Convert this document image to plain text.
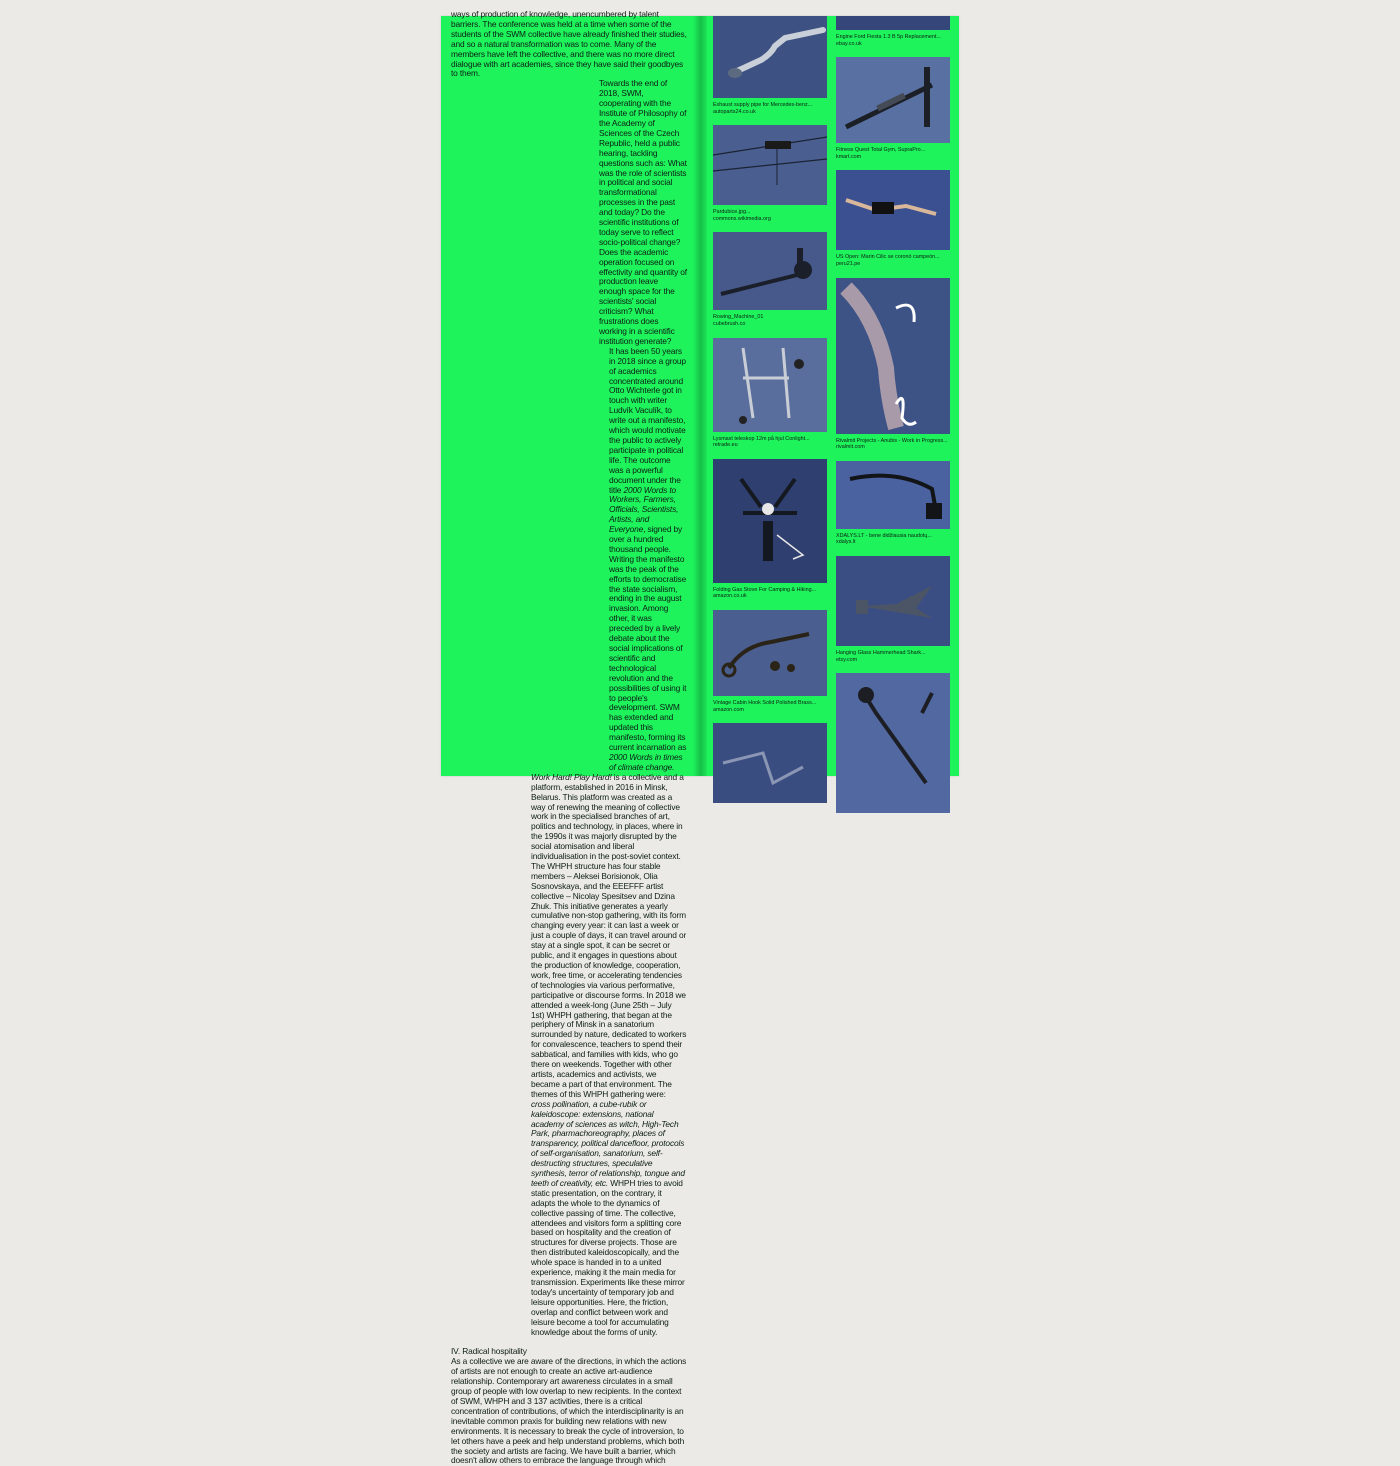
ways of production of knowledge, unencumbered by talent barriers. The conference was held at a time when some of the students of the SWM collective have already finished their studies, and so a natural transformation was to come. Many of the members have left the collective, and there was no more direct dialogue with art academies, since they have said their goodbyes to them.

Towards the end of 2018, SWM, cooperating with the Institute of Philosophy of the Academy of Sciences of the Czech Republic, held a public hearing, tackling questions such as: What was the role of scientists in political and social transformational processes in the past and today? Do the scientific institutions of today serve to reflect socio-political change? Does the academic operation focused on effectivity and quantity of production leave enough space for the scientists' social criticism? What frustrations does working in a scientific institution generate?

It has been 50 years in 2018 since a group of academics concentrated around Otto Wichterle got in touch with writer Ludvík Vaculík, to write out a manifesto, which would motivate the public to actively participate in political life. The outcome was a powerful document under the title 2000 Words to Workers, Farmers, Officials, Scientists, Artists, and Everyone, signed by over a hundred thousand people. Writing the manifesto was the peak of the efforts to democratise the state socialism, ending in the august invasion. Among other, it was preceded by a lively debate about the social implications of scientific and technological revolution and the possibilities of using it to people's development. SWM has extended and updated this manifesto, forming its current incarnation as 2000 Words in times of climate change.

Work Hard! Play Hard! is a collective and a platform, established in 2016 in Minsk, Belarus. This platform was created as a way of renewing the meaning of collective work in the specialised branches of art, politics and technology, in places, where in the 1990s it was majorly disrupted by the social atomisation and liberal individualisation in the post-soviet context. The WHPH structure has four stable members – Aleksei Borisionok, Olia Sosnovskaya, and the EEEFFF artist collective – Nicolay Spesitsev and Dzina Zhuk. This initiative generates a yearly cumulative non-stop gathering, with its form changing every year: it can last a week or just a couple of days, it can travel around or stay at a single spot, it can be secret or public, and it engages in questions about the production of knowledge, cooperation, work, free time, or accelerating tendencies of technologies via various performative, participative or discourse forms. In 2018 we attended a week-long (June 25th – July 1st) WHPH gathering, that began at the periphery of Minsk in a sanatorium surrounded by nature, dedicated to workers for convalescence, teachers to spend their sabbatical, and families with kids, who go there on weekends. Together with other artists, academics and activists, we became a part of that environment. The themes of this WHPH gathering were: cross pollination, a cube-rubik or kaleidoscope: extensions, national academy of sciences as witch, High-Tech Park, pharmachoreography, places of transparency, political dancefloor, protocols of self-organisation, sanatorium, self-destructing structures, speculative synthesis, terror of relationship, tongue and teeth of creativity, etc. WHPH tries to avoid static presentation, on the contrary, it adapts the whole to the dynamics of collective passing of time. The collective, attendees and visitors form a splitting core based on hospitality and the creation of structures for diverse projects. Those are then distributed kaleidoscopically, and the whole space is handed in to a united experience, making it the main media for transmission. Experiments like these mirror today's uncertainty of temporary job and leisure opportunities. Here, the friction, overlap and conflict between work and leisure become a tool for accumulating knowledge about the forms of unity.

IV. Radical hospitality

As a collective we are aware of the directions, in which the actions of artists are not enough to create an active art-audience relationship. Contemporary art awareness circulates in a small group of people with low overlap to new recipients. In the context of SWM, WHPH and 3 137 activities, there is a critical concentration of contributions, of which the interdisciplinarity is an inevitable common praxis for building new relations with new environments. It is necessary to break the cycle of introversion, to let others have a peek and help understand problems, which both the society and artists are facing. We have built a barrier, which doesn't allow others to embrace the language through which

Exhaust supply pipe for Mercedes-benz...
autoparts24.co.uk
Pardubice.jpg...
commons.wikimedia.org
Rowing_Machine_01
cubebrush.co
Lysmast teleskop 12m på hjul Conlight...
retrade.eu
Folding Gas Stove For Camping & Hiking...
amazon.co.uk
Vintage Cabin Hook Solid Polished Brass...
amazon.com
Engine Ford Fiesta 1.3 B 5p Replacement...
ebay.co.uk
Fitness Quest Total Gym, SupraPro...
kmart.com
US Open: Marin Cilic se coronó campeón...
peru21.pe
Rivalmit Projects - Anubis - Work in Progress...
rivalmit.com
XDALYS.LT - bene didžiausia naudotų...
xdalys.lt
Hanging Glass Hammerhead Shark...
etsy.com
